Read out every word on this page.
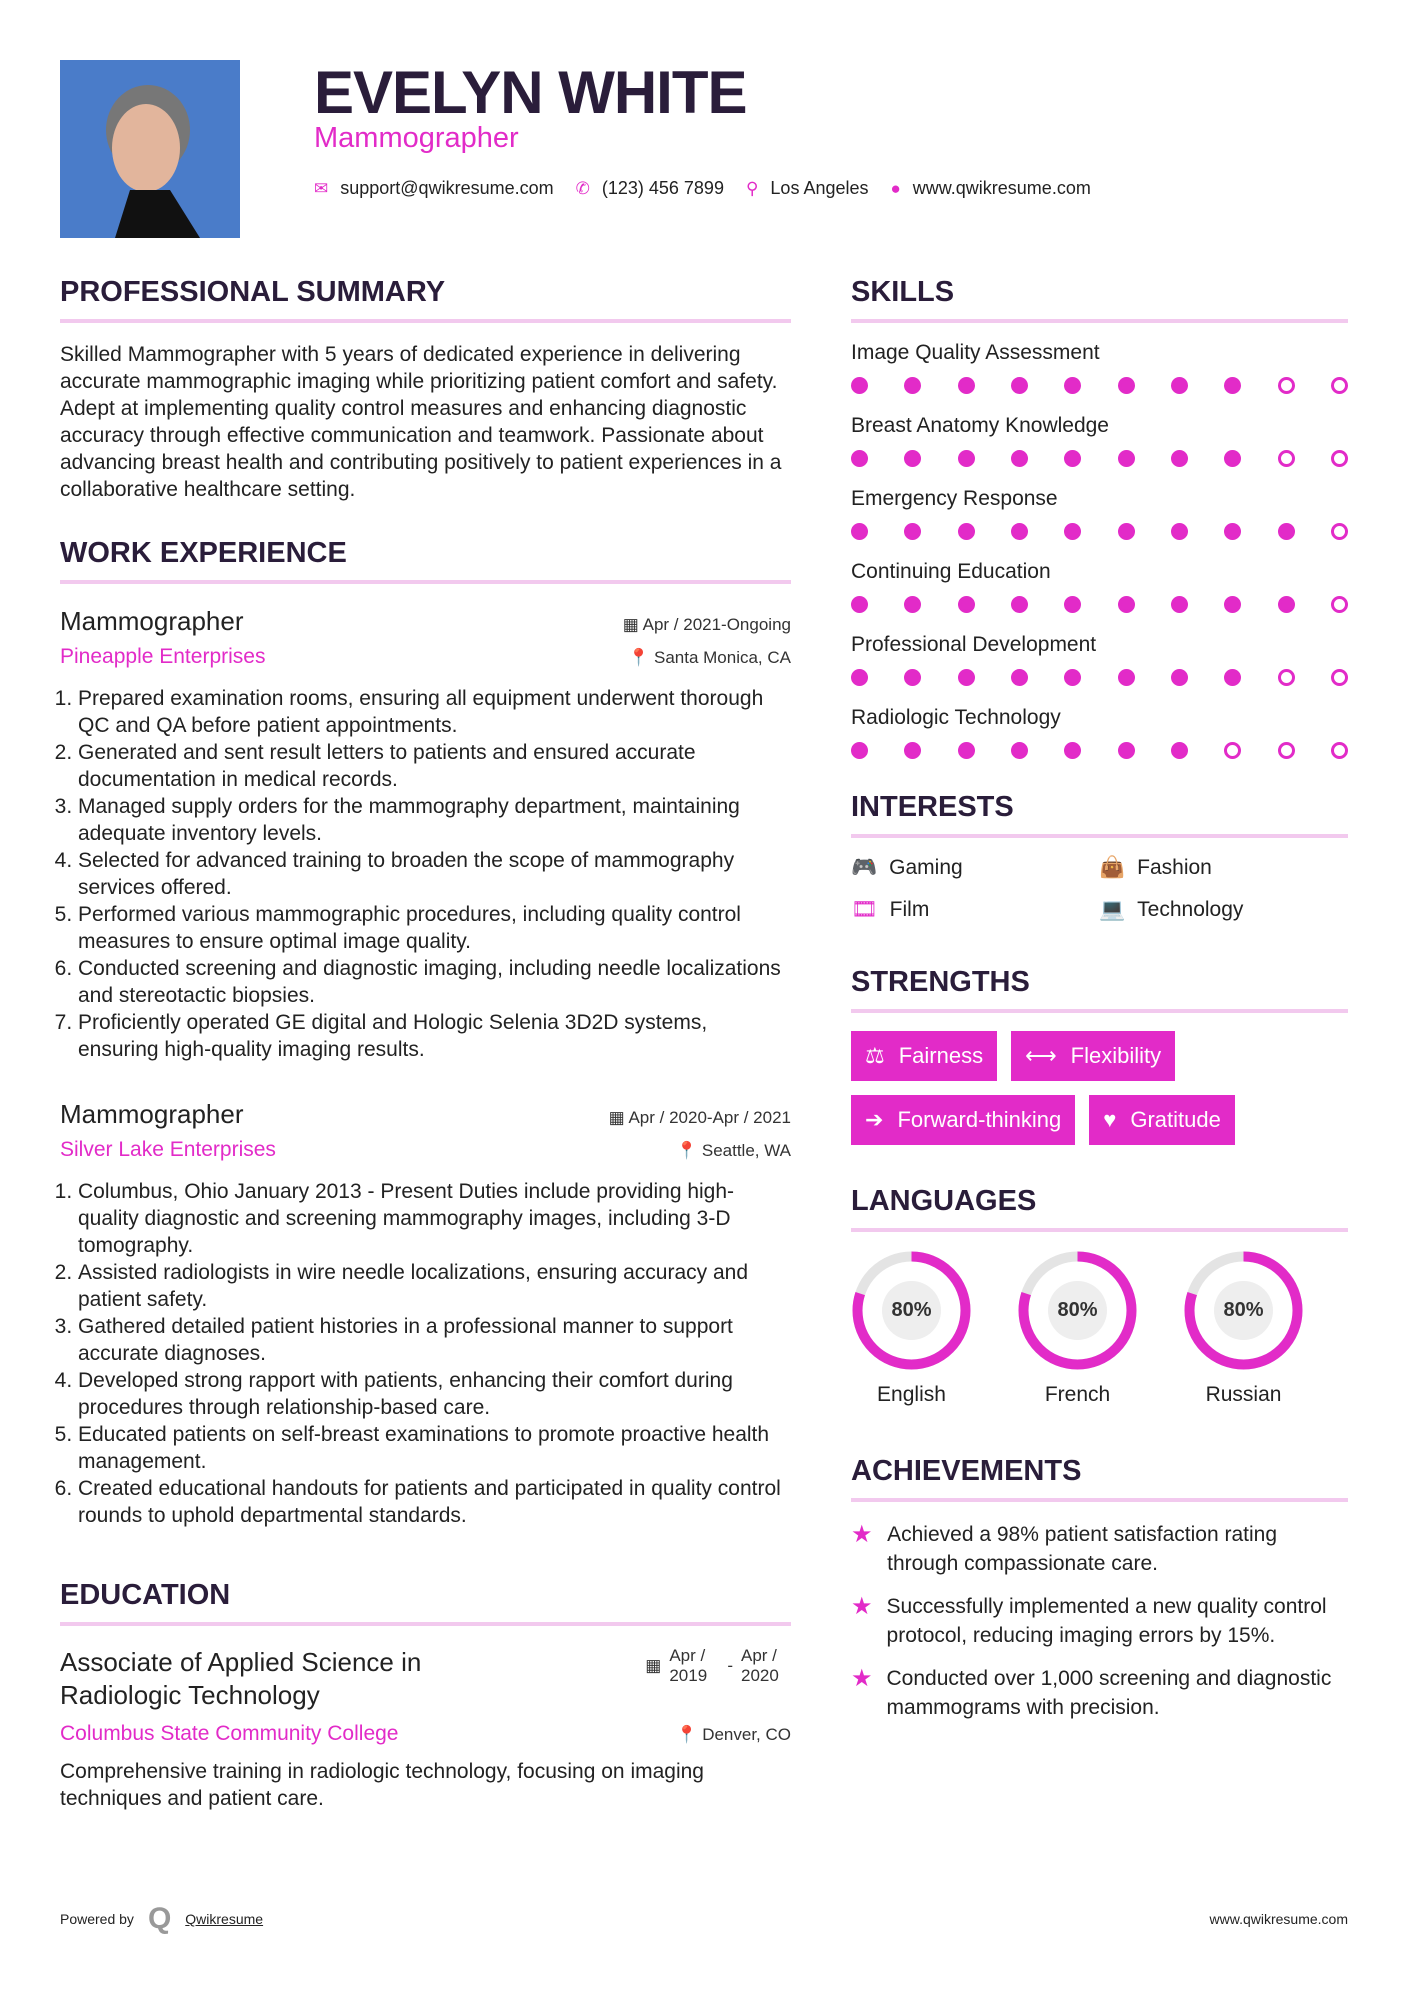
EVELYN WHITE
Mammographer
✉ support@qwikresume.com ✆ (123) 456 7899 ⚲ Los Angeles ● www.qwikresume.com
PROFESSIONAL SUMMARY
Skilled Mammographer with 5 years of dedicated experience in delivering accurate mammographic imaging while prioritizing patient comfort and safety. Adept at implementing quality control measures and enhancing diagnostic accuracy through effective communication and teamwork. Passionate about advancing breast health and contributing positively to patient experiences in a collaborative healthcare setting.
WORK EXPERIENCE
Mammographer	▦ Apr / 2021-Ongoing
Pineapple Enterprises	📍 Santa Monica, CA
1. Prepared examination rooms, ensuring all equipment underwent thorough QC and QA before patient appointments.
2. Generated and sent result letters to patients and ensured accurate documentation in medical records.
3. Managed supply orders for the mammography department, maintaining adequate inventory levels.
4. Selected for advanced training to broaden the scope of mammography services offered.
5. Performed various mammographic procedures, including quality control measures to ensure optimal image quality.
6. Conducted screening and diagnostic imaging, including needle localizations and stereotactic biopsies.
7. Proficiently operated GE digital and Hologic Selenia 3D2D systems, ensuring high-quality imaging results.
Mammographer	▦ Apr / 2020-Apr / 2021
Silver Lake Enterprises	📍 Seattle, WA
1. Columbus, Ohio January 2013 - Present Duties include providing high-quality diagnostic and screening mammography images, including 3-D tomography.
2. Assisted radiologists in wire needle localizations, ensuring accuracy and patient safety.
3. Gathered detailed patient histories in a professional manner to support accurate diagnoses.
4. Developed strong rapport with patients, enhancing their comfort during procedures through relationship-based care.
5. Educated patients on self-breast examinations to promote proactive health management.
6. Created educational handouts for patients and participated in quality control rounds to uphold departmental standards.
EDUCATION
Associate of Applied Science in Radiologic Technology
▦
Apr / 2019
-
Apr / 2020
Columbus State Community College	📍 Denver, CO
Comprehensive training in radiologic technology, focusing on imaging techniques and patient care.
SKILLS
Image Quality Assessment
Breast Anatomy Knowledge
Emergency Response
Continuing Education
Professional Development
Radiologic Technology
INTERESTS
🎮 Gaming	👜 Fashion
🎞 Film	💻 Technology
STRENGTHS
⚖ Fairness ⟷ Flexibility
➔ Forward-thinking ♥ Gratitude
LANGUAGES
80%
English
80%
French
80%
Russian
ACHIEVEMENTS
★ Achieved a 98% patient satisfaction rating through compassionate care.
★ Successfully implemented a new quality control protocol, reducing imaging errors by 15%.
★ Conducted over 1,000 screening and diagnostic mammograms with precision.
Powered by Q Qwikresume	www.qwikresume.com
